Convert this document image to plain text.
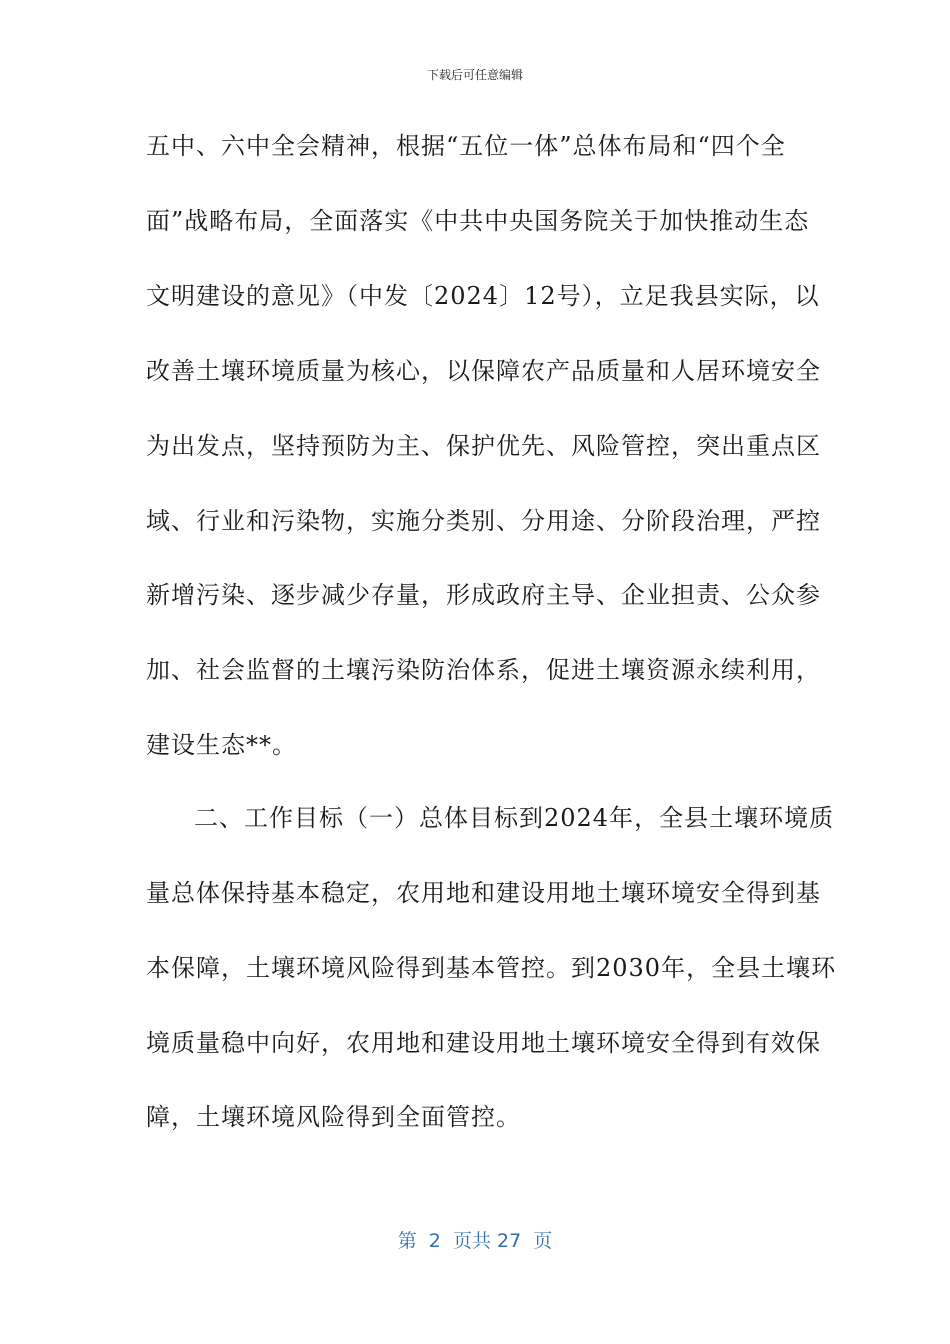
下载后可任意编辑
五中、六中全会精神，根据“五位一体”总体布局和“四个全
面”战略布局，全面落实《中共中央国务院关于加快推动生态
文明建设的意见》（中发〔2024〕12号），立足我县实际，以
改善土壤环境质量为核心，以保障农产品质量和人居环境安全
为出发点，坚持预防为主、保护优先、风险管控，突出重点区
域、行业和污染物，实施分类别、分用途、分阶段治理，严控
新增污染、逐步减少存量，形成政府主导、企业担责、公众参
加、社会监督的土壤污染防治体系，促进土壤资源永续利用，
建设生态**。
二、工作目标（一）总体目标到2024年，全县土壤环境质
量总体保持基本稳定，农用地和建设用地土壤环境安全得到基
本保障，土壤环境风险得到基本管控。到2030年，全县土壤环
境质量稳中向好，农用地和建设用地土壤环境安全得到有效保
障，土壤环境风险得到全面管控。
第  2  页共 27  页
